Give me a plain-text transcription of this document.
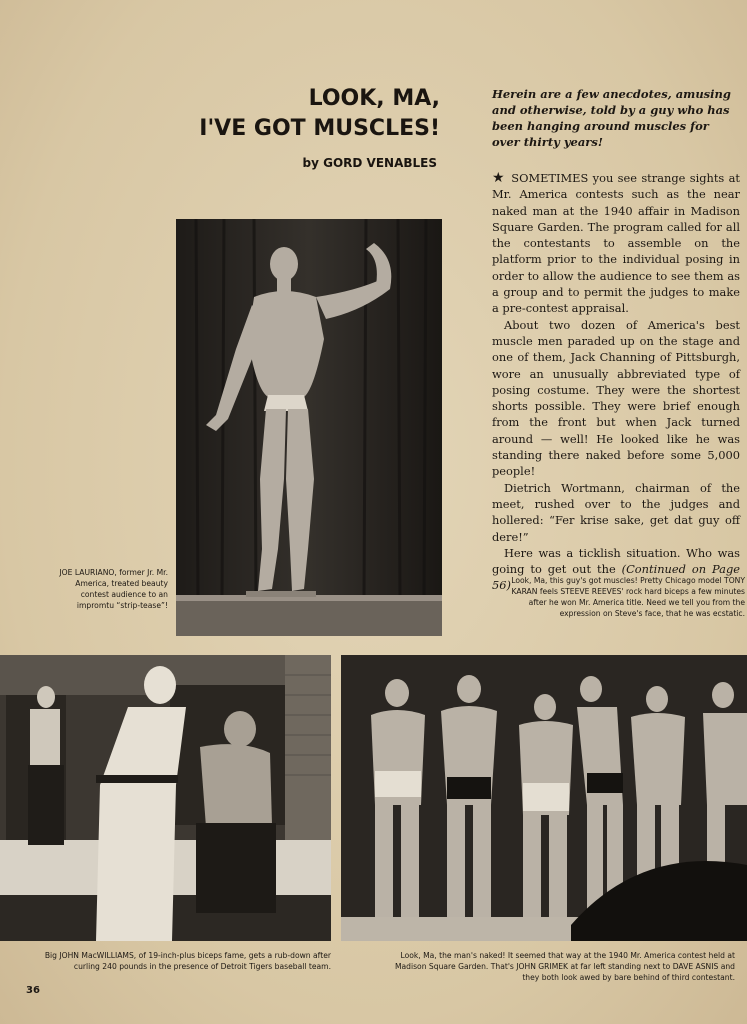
LOOK, MA,
I'VE GOT MUSCLES!
by GORD VENABLES

Herein are a few anecdotes, amusing and otherwise, told by a guy who has been hanging around muscles for over thirty years!

★ SOMETIMES you see strange sights at Mr. America contests such as the near naked man at the 1940 affair in Madison Square Garden. The program called for all the contestants to assemble on the platform prior to the individual posing in order to allow the audience to see them as a group and to permit the judges to make a pre-contest appraisal.

About two dozen of America's best muscle men paraded up on the stage and one of them, Jack Channing of Pittsburgh, wore an unusually abbreviated type of posing costume. They were the shortest shorts possible. They were brief enough from the front but when Jack turned around — well! He looked like he was standing there naked before some 5,000 people!

Dietrich Wortmann, chairman of the meet, rushed over to the judges and hollered: “Fer krise sake, get dat guy off dere!”

Here was a ticklish situation. Who was going to get out the (Continued on Page 56)

JOE LAURIANO, former Jr. Mr. America, treated beauty contest audience to an impromtu “strip-tease”!

Look, Ma, this guy's got muscles! Pretty Chicago model TONY KARAN feels STEEVE REEVES' rock hard biceps a few minutes after he won Mr. America title. Need we tell you from the expression on Steve's face, that he was ecstatic.

Big JOHN MacWILLIAMS, of 19-inch-plus biceps fame, gets a rub-down after curling 240 pounds in the presence of Detroit Tigers baseball team.

Look, Ma, the man's naked! It seemed that way at the 1940 Mr. America contest held at Madison Square Garden. That's JOHN GRIMEK at far left standing next to DAVE ASNIS and they both look awed by bare behind of third contestant.

36
